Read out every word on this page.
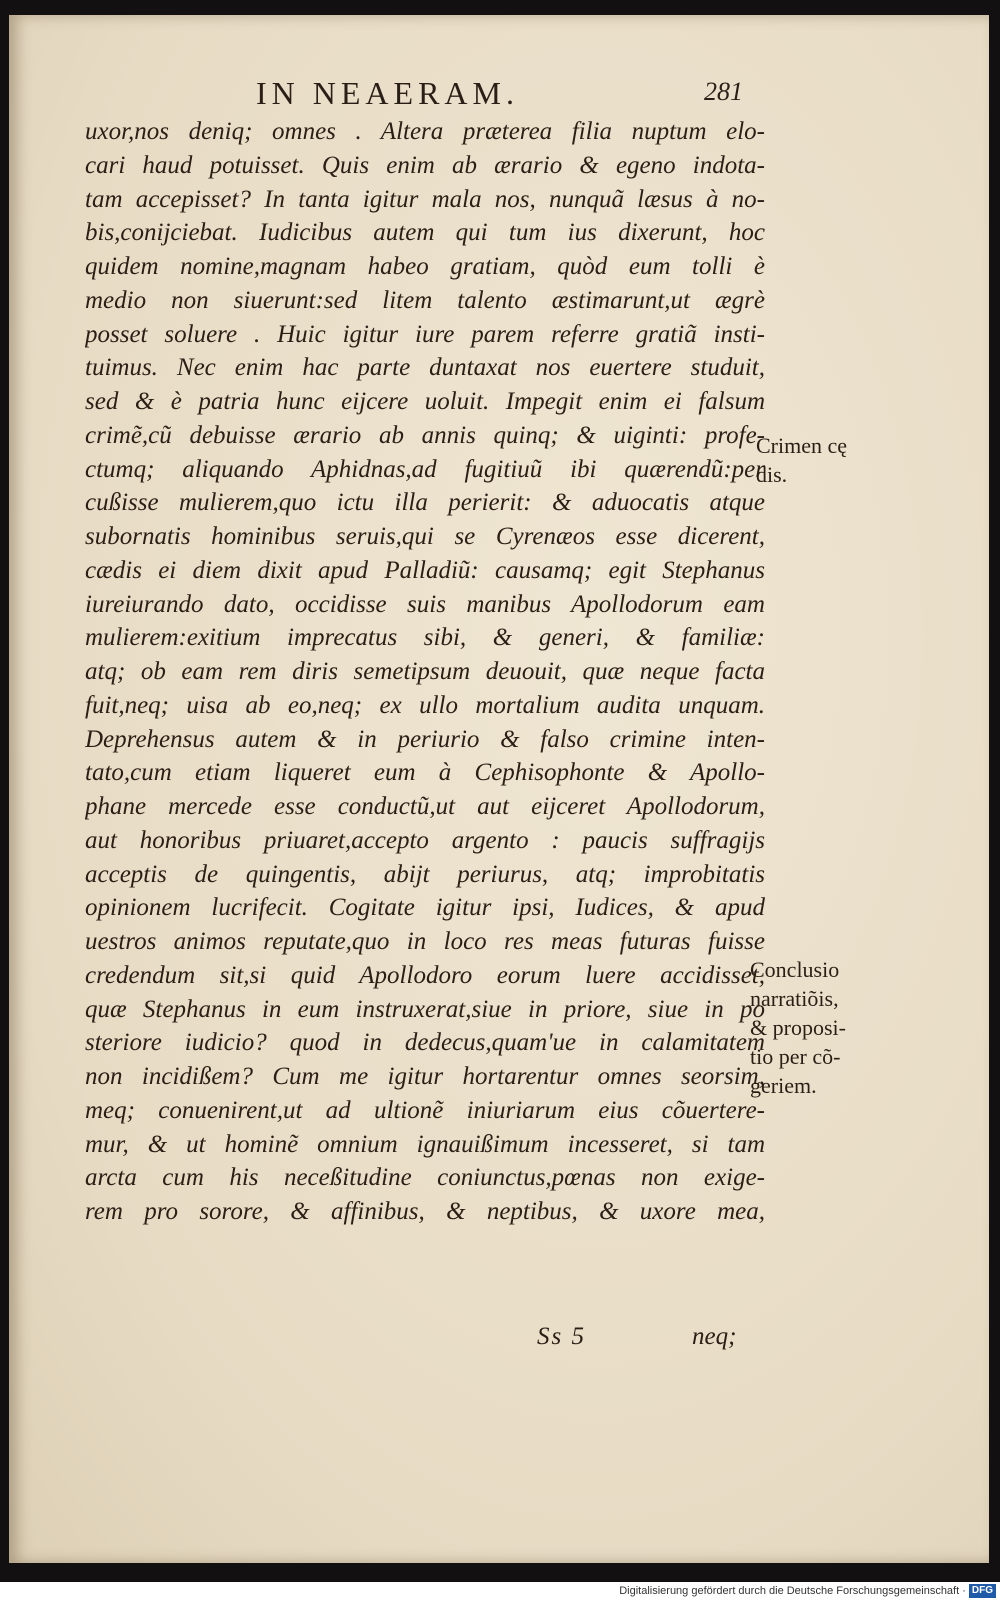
IN NEAERAM.	281
uxor,nos deniq; omnes . Altera præterea filia nuptum elo-
cari haud potuisset. Quis enim ab ærario & egeno indota-
tam accepisset? In tanta igitur mala nos, nunquã læsus à no-
bis,conijciebat. Iudicibus autem qui tum ius dixerunt, hoc
quidem nomine,magnam habeo gratiam, quòd eum tolli è
medio non siuerunt:sed litem talento æstimarunt,ut ægrè
posset soluere . Huic igitur iure parem referre gratiã insti-
tuimus. Nec enim hac parte duntaxat nos euertere studuit,
sed & è patria hunc eijcere uoluit. Impegit enim ei falsum
crimẽ,cũ debuisse ærario ab annis quinq; & uiginti: profe-
ctumq; aliquando Aphidnas,ad fugitiuũ ibi quærendũ:per
cußisse mulierem,quo ictu illa perierit: & aduocatis atque
subornatis hominibus seruis,qui se Cyrenæos esse dicerent,
cædis ei diem dixit apud Palladiũ: causamq; egit Stephanus
iureiurando dato, occidisse suis manibus Apollodorum eam
mulierem:exitium imprecatus sibi, & generi, & familiæ:
atq; ob eam rem diris semetipsum deuouit, quæ neque facta
fuit,neq; uisa ab eo,neq; ex ullo mortalium audita unquam.
Deprehensus autem & in periurio & falso crimine inten-
tato,cum etiam liqueret eum à Cephisophonte & Apollo-
phane mercede esse conductũ,ut aut eijceret Apollodorum,
aut honoribus priuaret,accepto argento : paucis suffragijs
acceptis de quingentis, abijt periurus, atq; improbitatis
opinionem lucrifecit. Cogitate igitur ipsi, Iudices, & apud
uestros animos reputate,quo in loco res meas futuras fuisse
credendum sit,si quid Apollodoro eorum luere accidisset,
quæ Stephanus in eum instruxerat,siue in priore, siue in po
steriore iudicio? quod in dedecus,quam'ue in calamitatem
non incidißem? Cum me igitur hortarentur omnes seorsim,
meq; conuenirent,ut ad ultionẽ iniuriarum eius cõuertere-
mur, & ut hominẽ omnium ignauißimum incesseret, si tam
arcta cum his neceßitudine coniunctus,pœnas non exige-
rem pro sorore, & affinibus, & neptibus, & uxore mea,
Ss 5	neq;
Crimen cę
dis.
Conclusio
narratiõis,
& proposi-
tio per cõ-
geriem.
Digitalisierung gefördert durch die Deutsche Forschungsgemeinschaft · DFG
